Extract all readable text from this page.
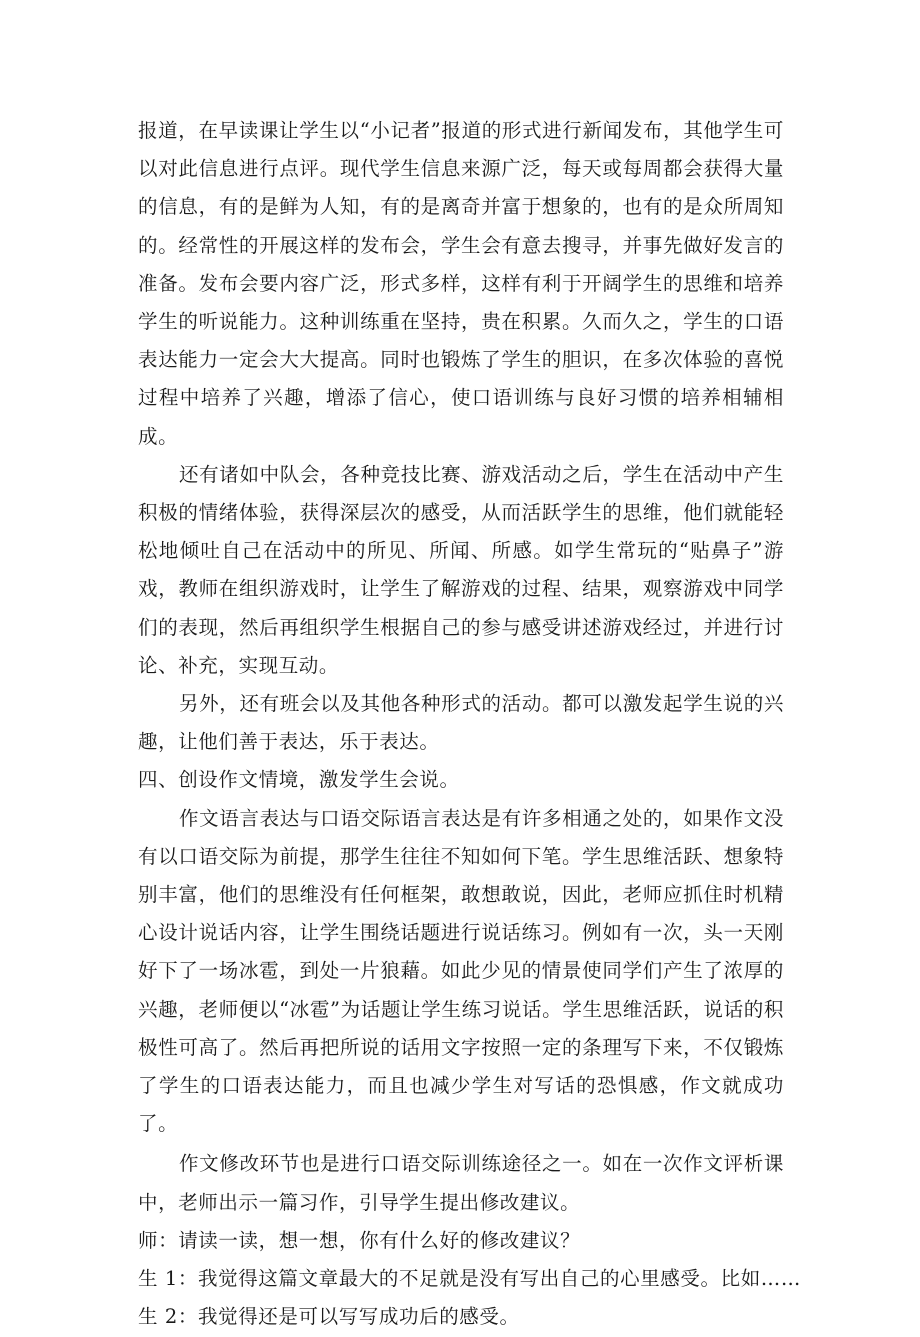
报道，在早读课让学生以“小记者”报道的形式进行新闻发布，其他学生可以对此信息进行点评。现代学生信息来源广泛，每天或每周都会获得大量的信息，有的是鲜为人知，有的是离奇并富于想象的，也有的是众所周知的。经常性的开展这样的发布会，学生会有意去搜寻，并事先做好发言的准备。发布会要内容广泛，形式多样，这样有利于开阔学生的思维和培养学生的听说能力。这种训练重在坚持，贵在积累。久而久之，学生的口语表达能力一定会大大提高。同时也锻炼了学生的胆识，在多次体验的喜悦过程中培养了兴趣，增添了信心，使口语训练与良好习惯的培养相辅相成。

还有诸如中队会，各种竞技比赛、游戏活动之后，学生在活动中产生积极的情绪体验，获得深层次的感受，从而活跃学生的思维，他们就能轻松地倾吐自己在活动中的所见、所闻、所感。如学生常玩的“贴鼻子”游戏，教师在组织游戏时，让学生了解游戏的过程、结果，观察游戏中同学们的表现，然后再组织学生根据自己的参与感受讲述游戏经过，并进行讨论、补充，实现互动。

另外，还有班会以及其他各种形式的活动。都可以激发起学生说的兴趣，让他们善于表达，乐于表达。

四、创设作文情境，激发学生会说。

作文语言表达与口语交际语言表达是有许多相通之处的，如果作文没有以口语交际为前提，那学生往往不知如何下笔。学生思维活跃、想象特别丰富，他们的思维没有任何框架，敢想敢说，因此，老师应抓住时机精心设计说话内容，让学生围绕话题进行说话练习。例如有一次，头一天刚好下了一场冰雹，到处一片狼藉。如此少见的情景使同学们产生了浓厚的兴趣，老师便以“冰雹”为话题让学生练习说话。学生思维活跃，说话的积极性可高了。然后再把所说的话用文字按照一定的条理写下来，不仅锻炼了学生的口语表达能力，而且也减少学生对写话的恐惧感，作文就成功了。

作文修改环节也是进行口语交际训练途径之一。如在一次作文评析课中，老师出示一篇习作，引导学生提出修改建议。

师：请读一读，想一想，你有什么好的修改建议？

生 1：我觉得这篇文章最大的不足就是没有写出自己的心里感受。比如……

生 2：我觉得还是可以写写成功后的感受。
